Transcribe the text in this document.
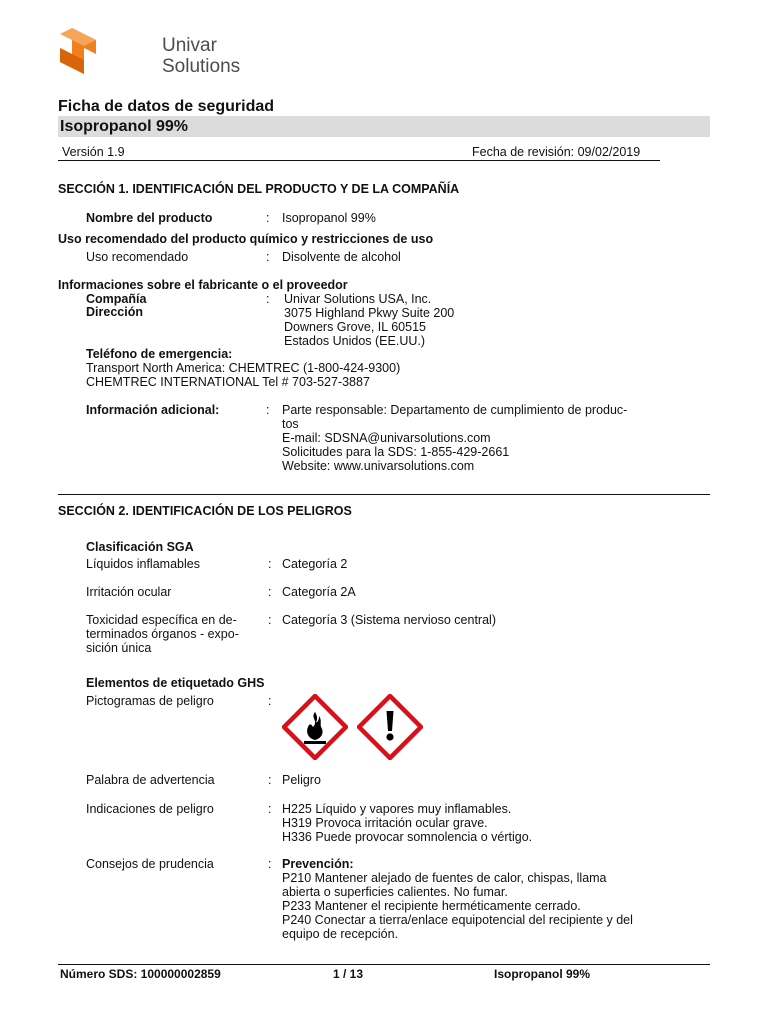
Univar
Solutions
Ficha de datos de seguridad
Isopropanol 99%
Versión 1.9	Fecha de revisión: 09/02/2019
SECCIÓN 1. IDENTIFICACIÓN DEL PRODUCTO Y DE LA COMPAÑÍA
Nombre del producto	: Isopropanol 99%
Uso recomendado del producto químico y restricciones de uso
Uso recomendado	: Disolvente de alcohol
Informaciones sobre el fabricante o el proveedor
Compañía	: Univar Solutions USA, Inc.
Dirección	3075 Highland Pkwy Suite 200
Downers Grove, IL 60515
Estados Unidos (EE.UU.)
Teléfono de emergencia:
Transport North America: CHEMTREC (1-800-424-9300)
CHEMTREC INTERNATIONAL Tel # 703-527-3887
Información adicional:	: Parte responsable: Departamento de cumplimiento de produc-
tos
E-mail: SDSNA@univarsolutions.com
Solicitudes para la SDS: 1-855-429-2661
Website: www.univarsolutions.com
SECCIÓN 2. IDENTIFICACIÓN DE LOS PELIGROS
Clasificación SGA
Líquidos inflamables	: Categoría 2
Irritación ocular	: Categoría 2A
Toxicidad específica en de-
terminados órganos - expo-
sición única
: Categoría 3 (Sistema nervioso central)
Elementos de etiquetado GHS
Pictogramas de peligro	:
Palabra de advertencia	: Peligro
Indicaciones de peligro	: H225 Líquido y vapores muy inflamables.
H319 Provoca irritación ocular grave.
H336 Puede provocar somnolencia o vértigo.
Consejos de prudencia	: Prevención:
P210 Mantener alejado de fuentes de calor, chispas, llama
abierta o superficies calientes. No fumar.
P233 Mantener el recipiente herméticamente cerrado.
P240 Conectar a tierra/enlace equipotencial del recipiente y del
equipo de recepción.
Número SDS: 100000002859	1 / 13	Isopropanol 99%
